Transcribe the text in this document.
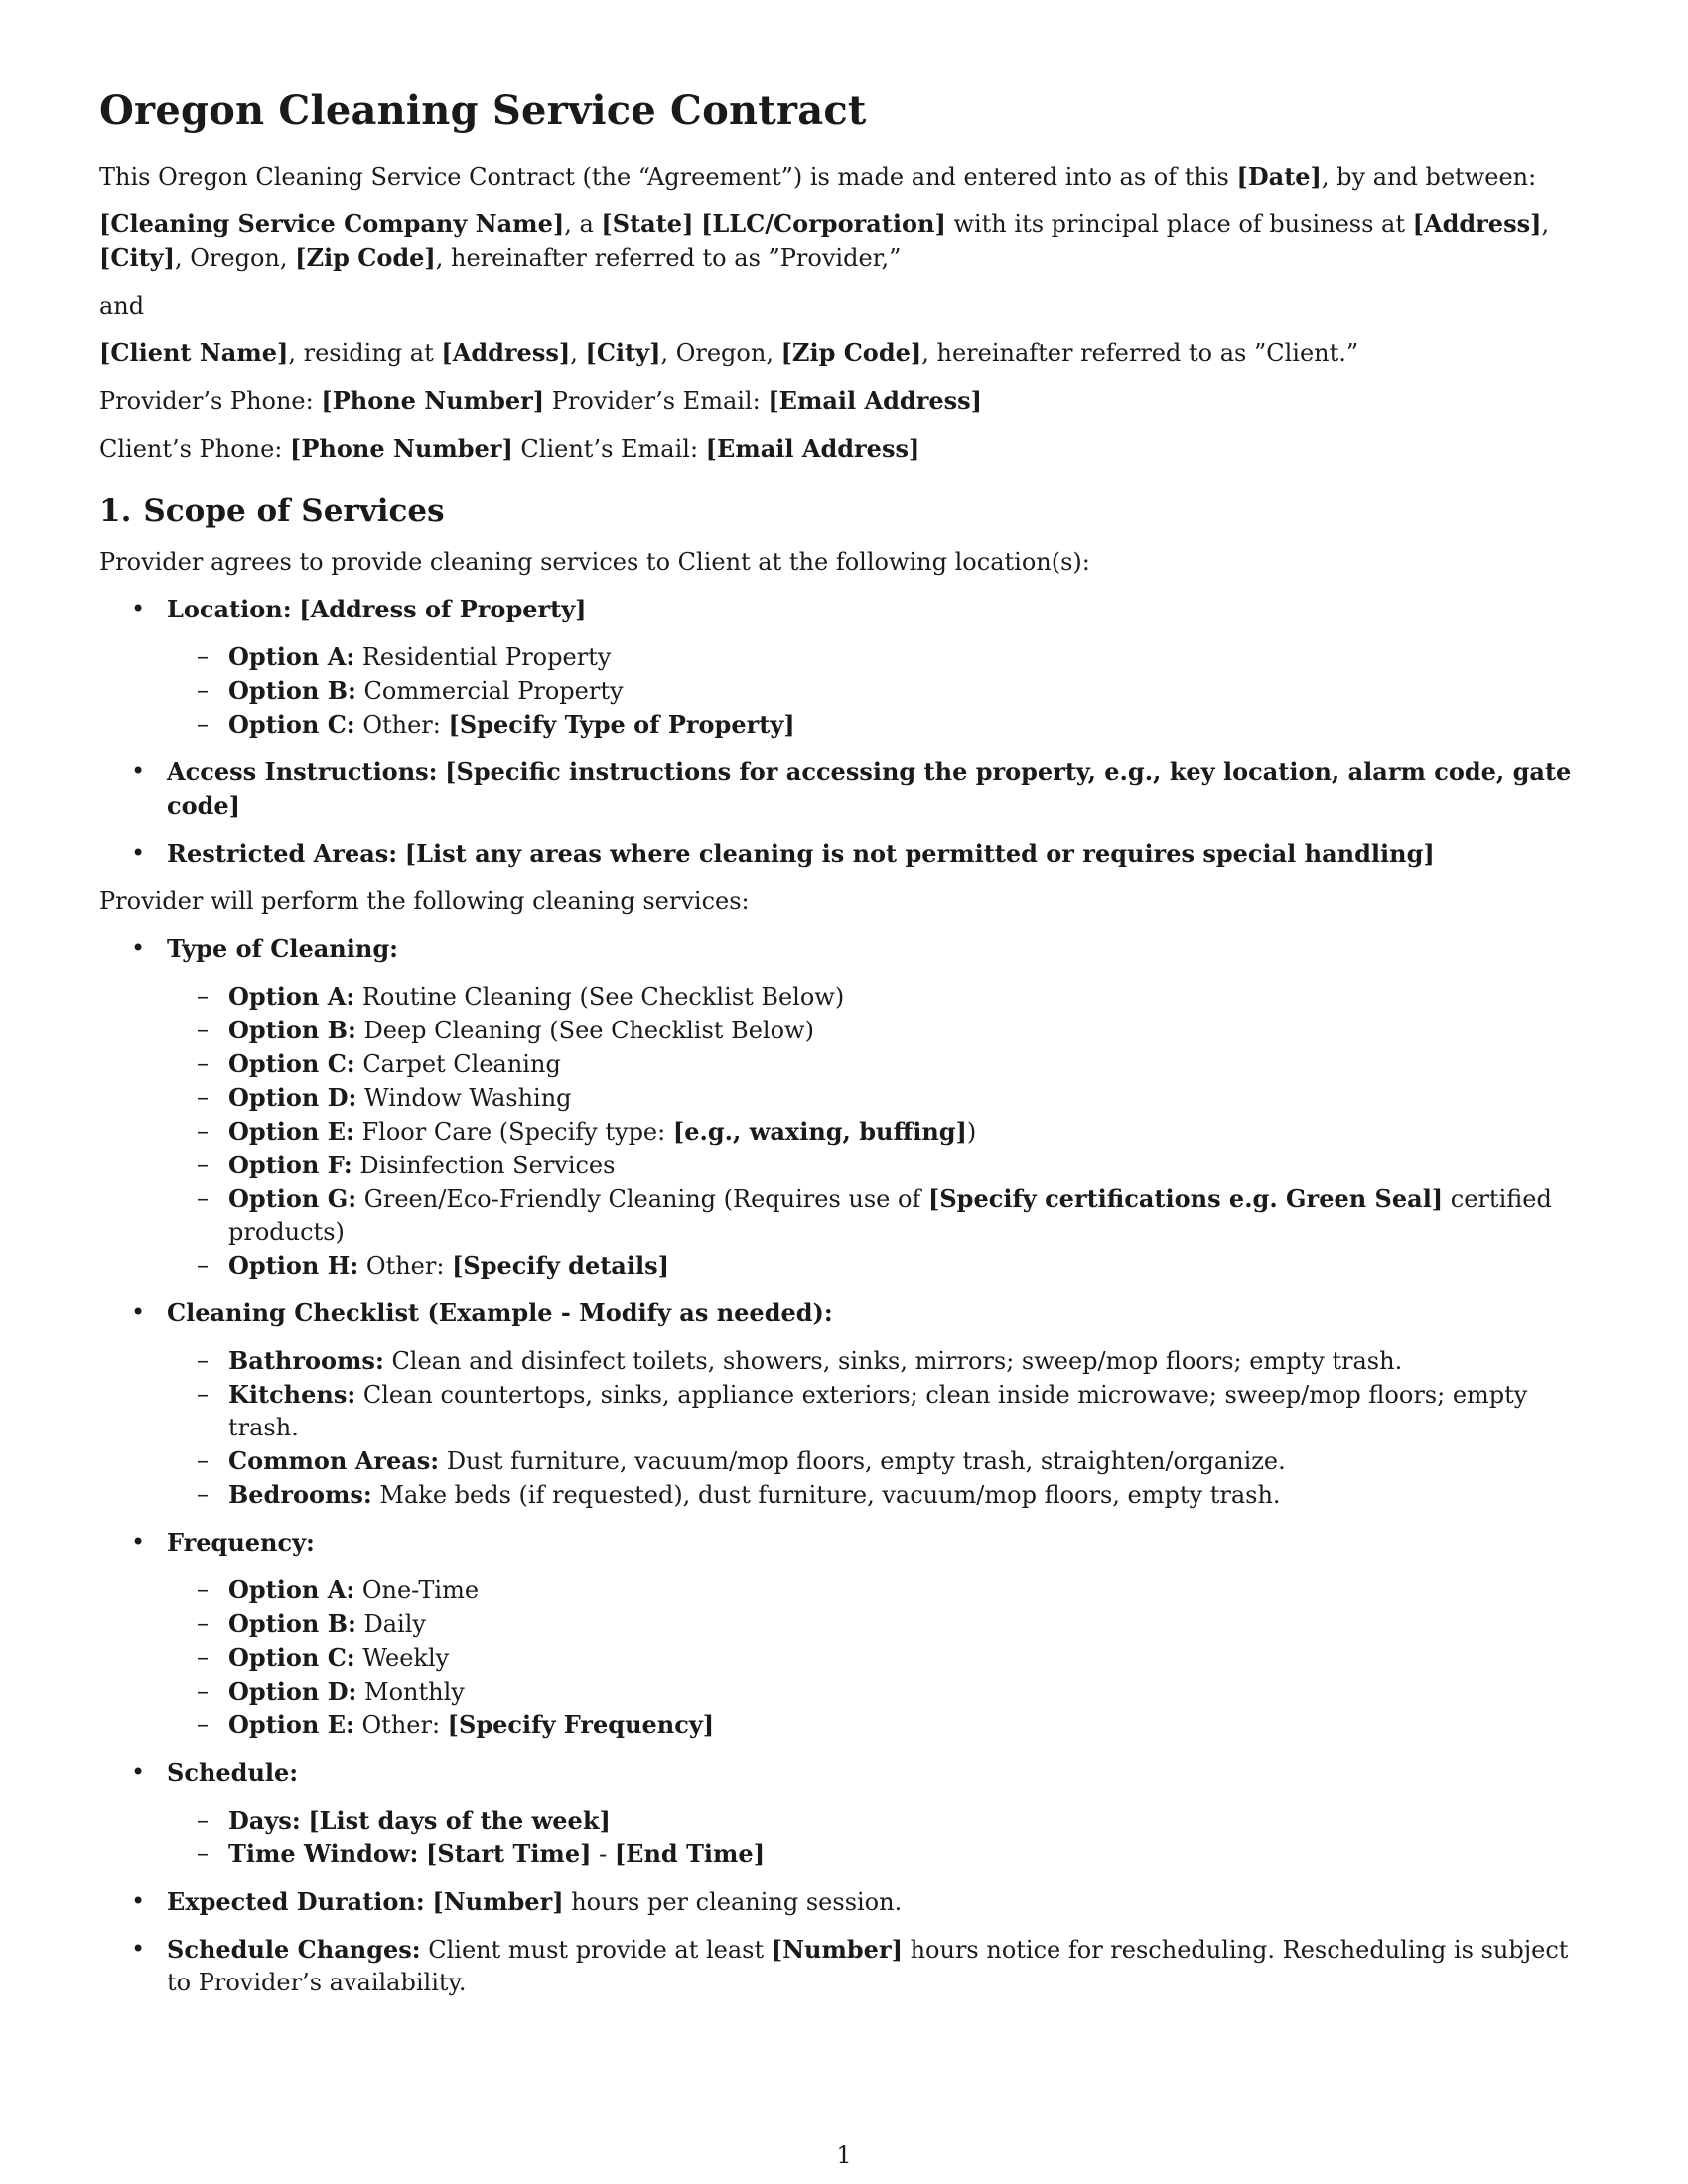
Oregon Cleaning Service Contract

This Oregon Cleaning Service Contract (the “Agreement”) is made and entered into as of this [Date], by and between:

[Cleaning Service Company Name], a [State] [LLC/Corporation] with its principal place of business at [Address], [City], Oregon, [Zip Code], hereinafter referred to as ”Provider,”

and

[Client Name], residing at [Address], [City], Oregon, [Zip Code], hereinafter referred to as ”Client.”

Provider’s Phone: [Phone Number] Provider’s Email: [Email Address]

Client’s Phone: [Phone Number] Client’s Email: [Email Address]

1. Scope of Services

Provider agrees to provide cleaning services to Client at the following location(s):

• Location: [Address of Property]
– Option A: Residential Property
– Option B: Commercial Property
– Option C: Other: [Specify Type of Property]
• Access Instructions: [Specific instructions for accessing the property, e.g., key location, alarm code, gate code]
• Restricted Areas: [List any areas where cleaning is not permitted or requires special handling]

Provider will perform the following cleaning services:

• Type of Cleaning:
– Option A: Routine Cleaning (See Checklist Below)
– Option B: Deep Cleaning (See Checklist Below)
– Option C: Carpet Cleaning
– Option D: Window Washing
– Option E: Floor Care (Specify type: [e.g., waxing, buffing])
– Option F: Disinfection Services
– Option G: Green/Eco-Friendly Cleaning (Requires use of [Specify certifications e.g. Green Seal] certified products)
– Option H: Other: [Specify details]
• Cleaning Checklist (Example - Modify as needed):
– Bathrooms: Clean and disinfect toilets, showers, sinks, mirrors; sweep/mop floors; empty trash.
– Kitchens: Clean countertops, sinks, appliance exteriors; clean inside microwave; sweep/mop floors; empty trash.
– Common Areas: Dust furniture, vacuum/mop floors, empty trash, straighten/organize.
– Bedrooms: Make beds (if requested), dust furniture, vacuum/mop floors, empty trash.
• Frequency:
– Option A: One-Time
– Option B: Daily
– Option C: Weekly
– Option D: Monthly
– Option E: Other: [Specify Frequency]
• Schedule:
– Days: [List days of the week]
– Time Window: [Start Time] - [End Time]
• Expected Duration: [Number] hours per cleaning session.
• Schedule Changes: Client must provide at least [Number] hours notice for rescheduling. Rescheduling is subject to Provider’s availability.
1
